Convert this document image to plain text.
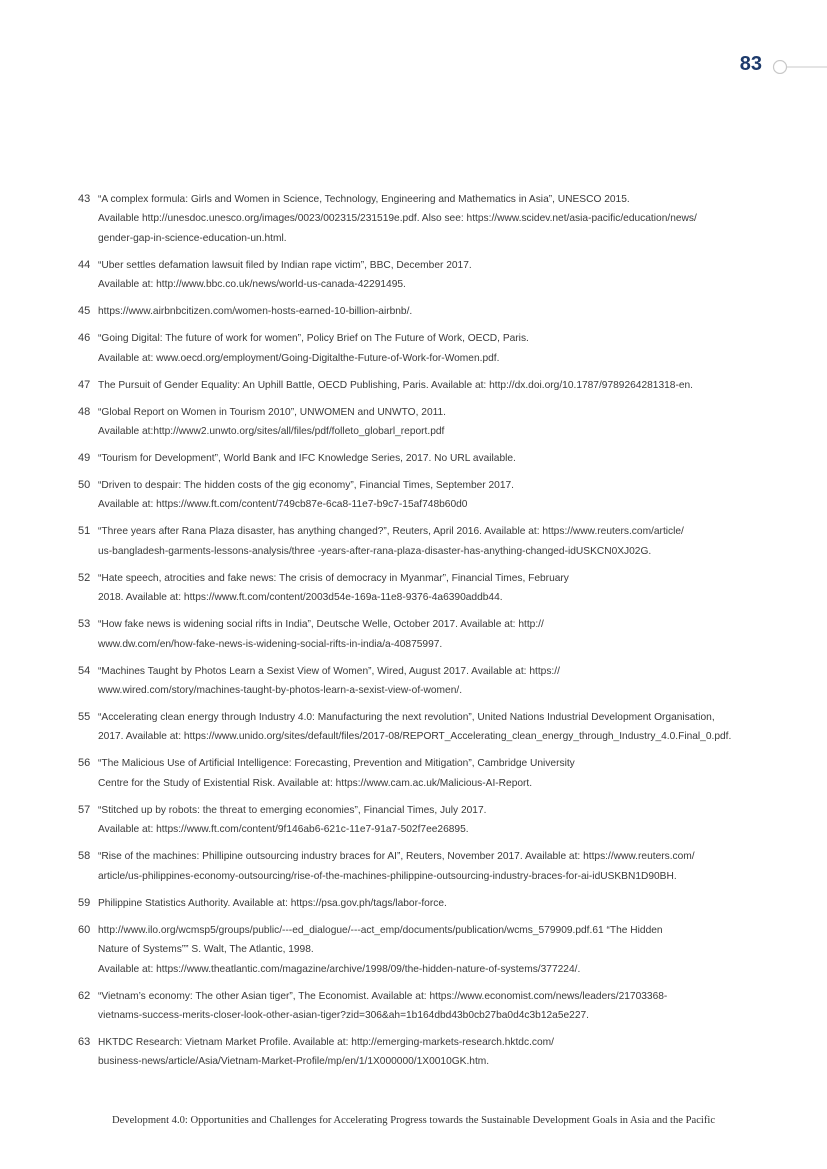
83
43 “A complex formula: Girls and Women in Science, Technology, Engineering and Mathematics in Asia”, UNESCO 2015.
Available http://unesdoc.unesco.org/images/0023/002315/231519e.pdf. Also see: https://www.scidev.net/asia-pacific/education/news/
gender-gap-in-science-education-un.html.
44 “Uber settles defamation lawsuit filed by Indian rape victim”, BBC, December 2017.
Available at: http://www.bbc.co.uk/news/world-us-canada-42291495.
45 https://www.airbnbcitizen.com/women-hosts-earned-10-billion-airbnb/.
46 “Going Digital: The future of work for women”, Policy Brief on The Future of Work, OECD, Paris.
Available at: www.oecd.org/employment/Going-Digitalthe-Future-of-Work-for-Women.pdf.
47 The Pursuit of Gender Equality: An Uphill Battle, OECD Publishing, Paris. Available at: http://dx.doi.org/10.1787/9789264281318-en.
48 “Global Report on Women in Tourism 2010”, UNWOMEN and UNWTO, 2011.
Available at:http://www2.unwto.org/sites/all/files/pdf/folleto_globarl_report.pdf
49 “Tourism for Development”, World Bank and IFC Knowledge Series, 2017. No URL available.
50 “Driven to despair: The hidden costs of the gig economy”, Financial Times, September 2017.
Available at: https://www.ft.com/content/749cb87e-6ca8-11e7-b9c7-15af748b60d0
51 “Three years after Rana Plaza disaster, has anything changed?”, Reuters, April 2016. Available at: https://www.reuters.com/article/
us-bangladesh-garments-lessons-analysis/three -years-after-rana-plaza-disaster-has-anything-changed-idUSKCN0XJ02G.
52 “Hate speech, atrocities and fake news: The crisis of democracy in Myanmar”, Financial Times, February
2018. Available at: https://www.ft.com/content/2003d54e-169a-11e8-9376-4a6390addb44.
53 “How fake news is widening social rifts in India”, Deutsche Welle, October 2017. Available at: http://
www.dw.com/en/how-fake-news-is-widening-social-rifts-in-india/a-40875997.
54 “Machines Taught by Photos Learn a Sexist View of Women”, Wired, August 2017. Available at: https://
www.wired.com/story/machines-taught-by-photos-learn-a-sexist-view-of-women/.
55 “Accelerating clean energy through Industry 4.0: Manufacturing the next revolution”, United Nations Industrial Development Organisation,
2017. Available at: https://www.unido.org/sites/default/files/2017-08/REPORT_Accelerating_clean_energy_through_Industry_4.0.Final_0.pdf.
56 “The Malicious Use of Artificial Intelligence: Forecasting, Prevention and Mitigation”, Cambridge University
Centre for the Study of Existential Risk. Available at: https://www.cam.ac.uk/Malicious-AI-Report.
57 “Stitched up by robots: the threat to emerging economies”, Financial Times, July 2017.
Available at: https://www.ft.com/content/9f146ab6-621c-11e7-91a7-502f7ee26895.
58 “Rise of the machines: Phillipine outsourcing industry braces for AI”, Reuters, November 2017. Available at: https://www.reuters.com/
article/us-philippines-economy-outsourcing/rise-of-the-machines-philippine-outsourcing-industry-braces-for-ai-idUSKBN1D90BH.
59 Philippine Statistics Authority. Available at: https://psa.gov.ph/tags/labor-force.
60 http://www.ilo.org/wcmsp5/groups/public/---ed_dialogue/---act_emp/documents/publication/wcms_579909.pdf.61 “The Hidden
Nature of Systems”” S. Walt, The Atlantic, 1998.
Available at: https://www.theatlantic.com/magazine/archive/1998/09/the-hidden-nature-of-systems/377224/.
62 “Vietnam’s economy: The other Asian tiger”, The Economist. Available at: https://www.economist.com/news/leaders/21703368-
vietnams-success-merits-closer-look-other-asian-tiger?zid=306&ah=1b164dbd43b0cb27ba0d4c3b12a5e227.
63 HKTDC Research: Vietnam Market Profile. Available at: http://emerging-markets-research.hktdc.com/
business-news/article/Asia/Vietnam-Market-Profile/mp/en/1/1X000000/1X0010GK.htm.
Development 4.0: Opportunities and Challenges for Accelerating Progress towards the Sustainable Development Goals in Asia and the Pacific
